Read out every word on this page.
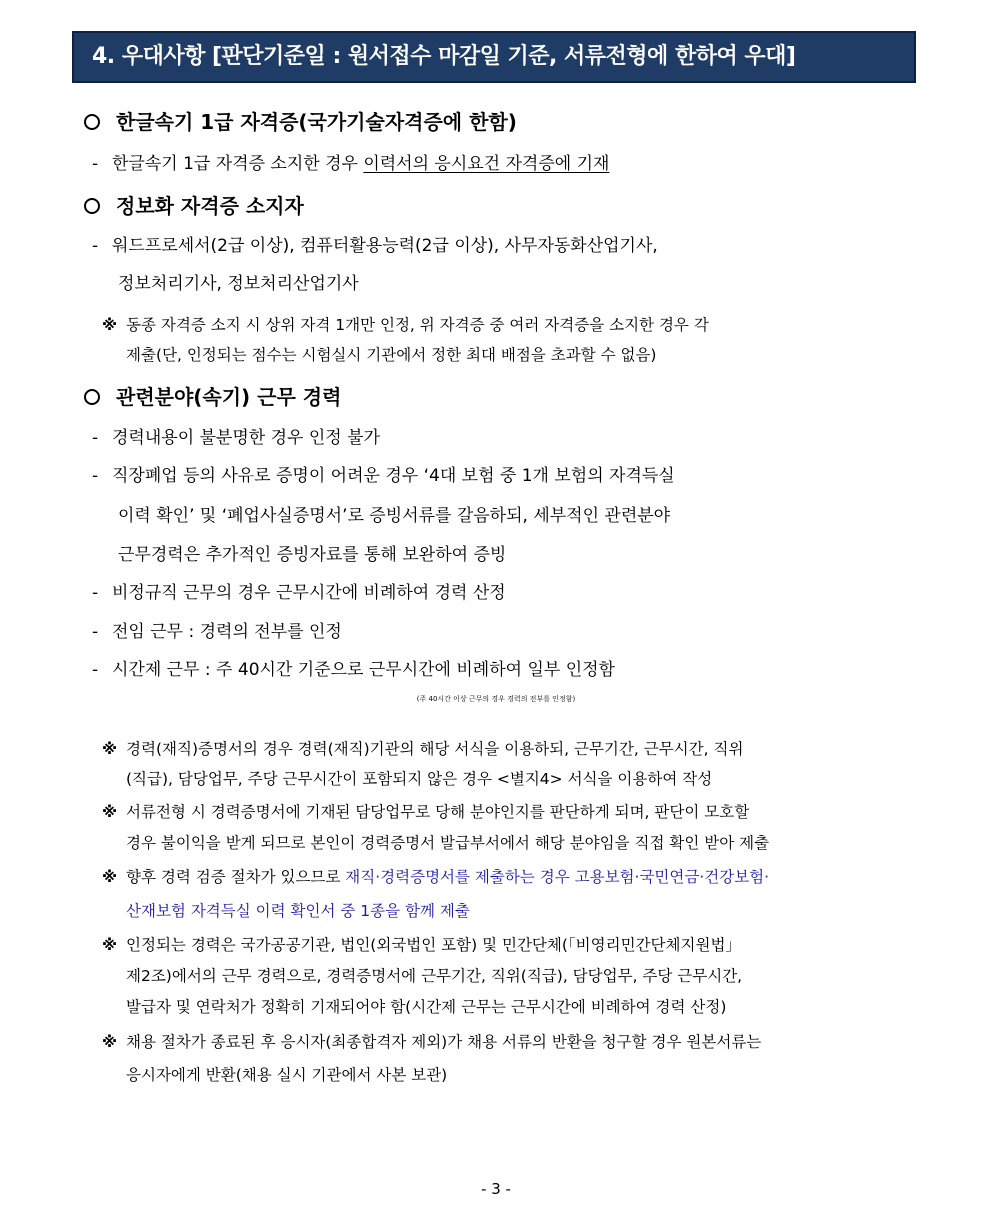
4. 우대사항 [판단기준일 : 원서접수 마감일 기준, 서류전형에 한하여 우대]
한글속기 1급 자격증(국가기술자격증에 한함)
- 한글속기 1급 자격증 소지한 경우 이력서의 응시요건 자격증에 기재
정보화 자격증 소지자
- 워드프로세서(2급 이상), 컴퓨터활용능력(2급 이상), 사무자동화산업기사,
정보처리기사, 정보처리산업기사
※ 동종 자격증 소지 시 상위 자격 1개만 인정, 위 자격증 중 여러 자격증을 소지한 경우 각
제출(단, 인정되는 점수는 시험실시 기관에서 정한 최대 배점을 초과할 수 없음)
관련분야(속기) 근무 경력
- 경력내용이 불분명한 경우 인정 불가
- 직장폐업 등의 사유로 증명이 어려운 경우 ‘4대 보험 중 1개 보험의 자격득실
이력 확인’ 및 ‘폐업사실증명서’로 증빙서류를 갈음하되, 세부적인 관련분야
근무경력은 추가적인 증빙자료를 통해 보완하여 증빙
- 비정규직 근무의 경우 근무시간에 비례하여 경력 산정
- 전임 근무 : 경력의 전부를 인정
- 시간제 근무 : 주 40시간 기준으로 근무시간에 비례하여 일부 인정함
(주 40시간 이상 근무의 경우 경력의 전부를 인정함)
※ 경력(재직)증명서의 경우 경력(재직)기관의 해당 서식을 이용하되, 근무기간, 근무시간, 직위
(직급), 담당업무, 주당 근무시간이 포함되지 않은 경우 <별지4> 서식을 이용하여 작성
※ 서류전형 시 경력증명서에 기재된 담당업무로 당해 분야인지를 판단하게 되며, 판단이 모호할
경우 불이익을 받게 되므로 본인이 경력증명서 발급부서에서 해당 분야임을 직접 확인 받아 제출
※ 향후 경력 검증 절차가 있으므로 재직·경력증명서를 제출하는 경우 고용보험·국민연금·건강보험·
산재보험 자격득실 이력 확인서 중 1종을 함께 제출
※ 인정되는 경력은 국가공공기관, 법인(외국법인 포함) 및 민간단체(「비영리민간단체지원법」
제2조)에서의 근무 경력으로, 경력증명서에 근무기간, 직위(직급), 담당업무, 주당 근무시간,
발급자 및 연락처가 정확히 기재되어야 함(시간제 근무는 근무시간에 비례하여 경력 산정)
※ 채용 절차가 종료된 후 응시자(최종합격자 제외)가 채용 서류의 반환을 청구할 경우 원본서류는
응시자에게 반환(채용 실시 기관에서 사본 보관)
- 3 -
